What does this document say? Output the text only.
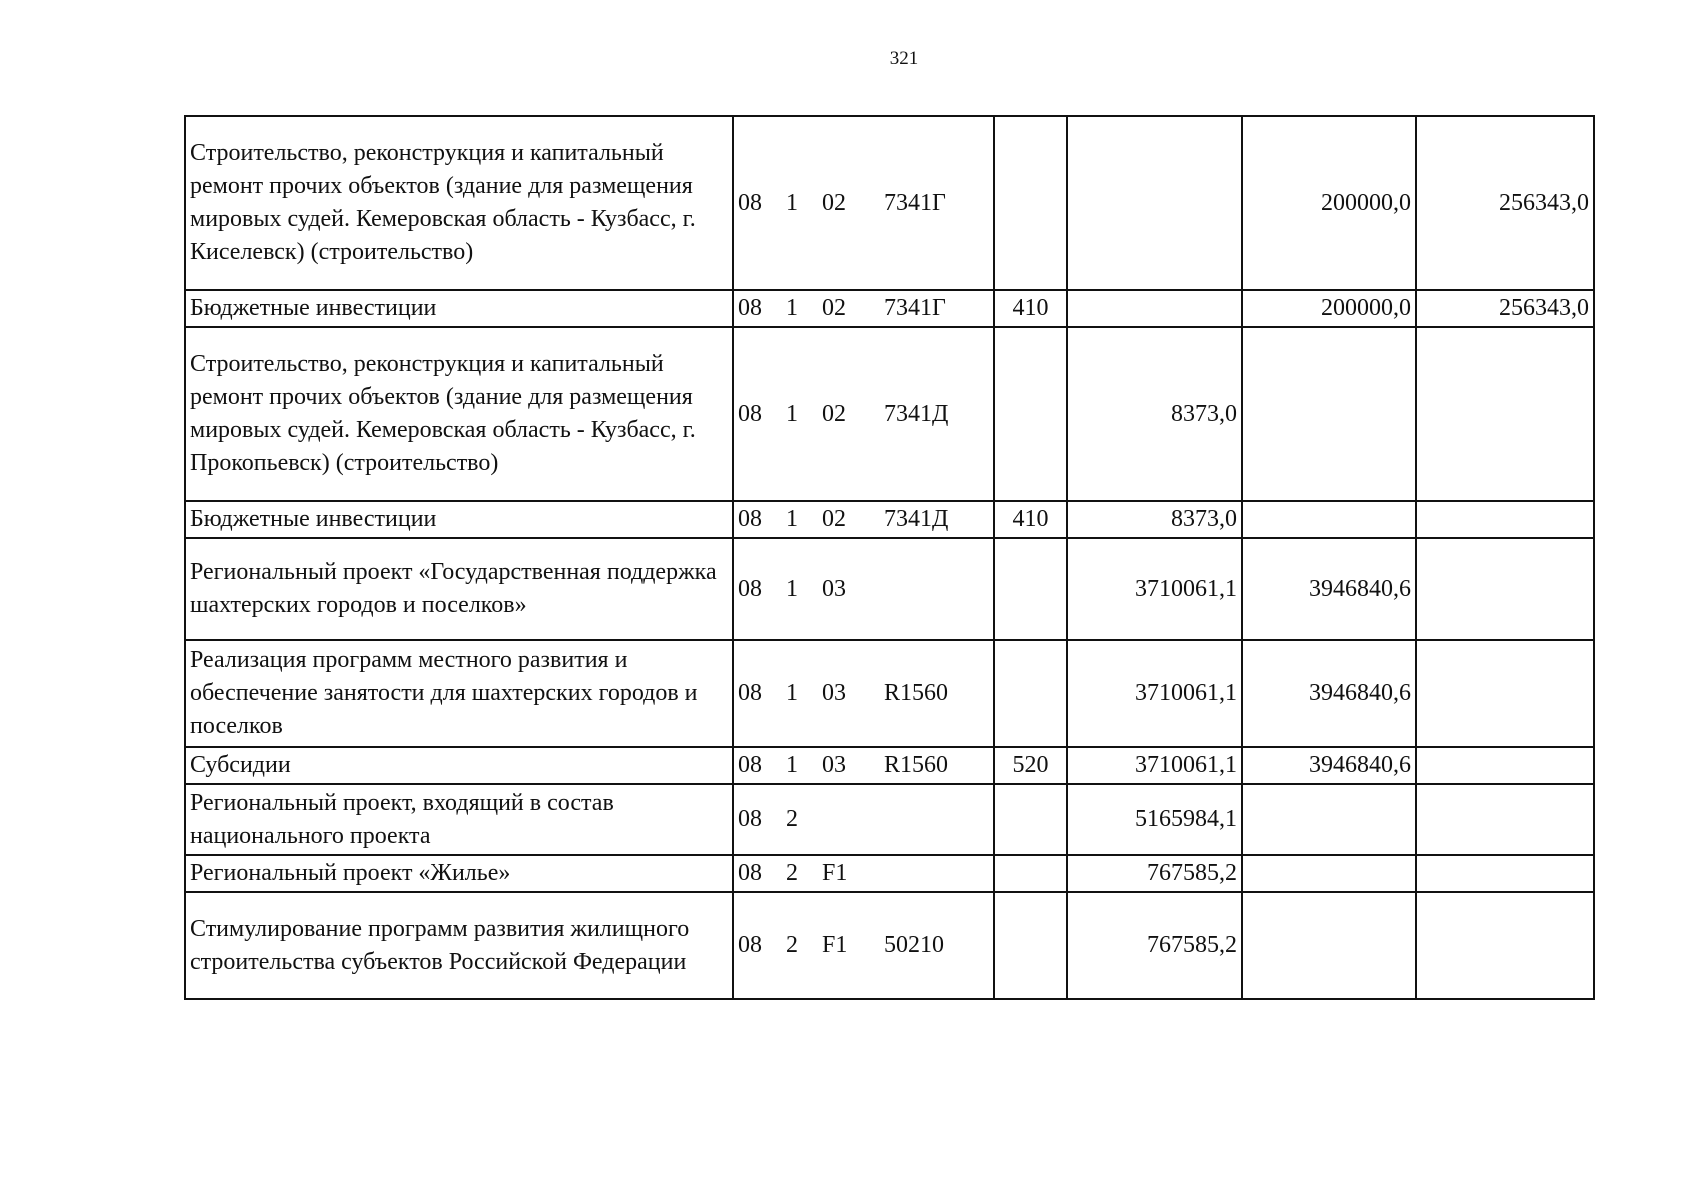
321
Строительство, реконструкция и капитальный ремонт прочих объектов (здание для размещения мировых судей. Кемеровская область - Кузбасс, г. Киселевск) (строительство)	08 1 02 7341Г			200000,0	256343,0
Бюджетные инвестиции	08 1 02 7341Г	410		200000,0	256343,0
Строительство, реконструкция и капитальный ремонт прочих объектов (здание для размещения мировых судей. Кемеровская область - Кузбасс, г. Прокопьевск) (строительство)	08 1 02 7341Д		8373,0		
Бюджетные инвестиции	08 1 02 7341Д	410	8373,0		
Региональный проект «Государственная поддержка шахтерских городов и поселков»	08 1 03		3710061,1	3946840,6	
Реализация программ местного развития и обеспечение занятости для шахтерских городов и поселков	08 1 03 R1560		3710061,1	3946840,6	
Субсидии	08 1 03 R1560	520	3710061,1	3946840,6	
Региональный проект, входящий в состав национального проекта	08 2		5165984,1		
Региональный проект «Жилье»	08 2 F1		767585,2		
Стимулирование программ развития жилищного строительства субъектов Российской Федерации	08 2 F1 50210		767585,2		
